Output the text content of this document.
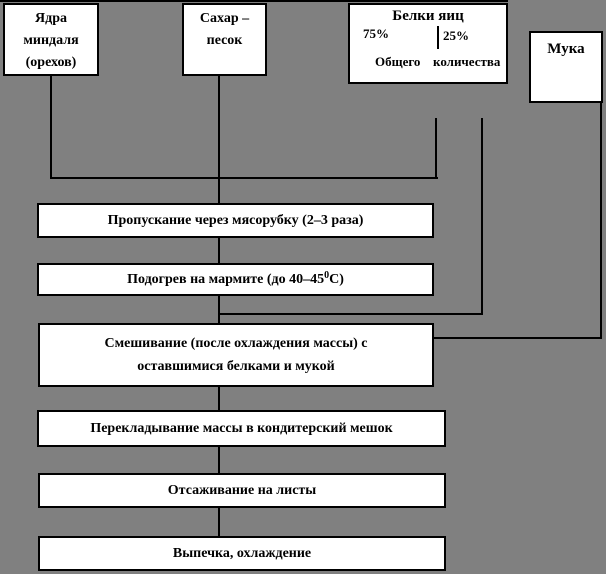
Ядра
миндаля
(орехов)
Сахар –
песок
Белки яиц
75%	25%
Общего количества
Мука
Пропускание через мясорубку (2–3 раза)
Подогрев на мармите (до $40-45^0С$)
Смешивание (после охлаждения массы) с
оставшимися белками и мукой
Перекладывание массы в кондитерский мешок
Отсаживание на листы
Выпечка, охлаждение
